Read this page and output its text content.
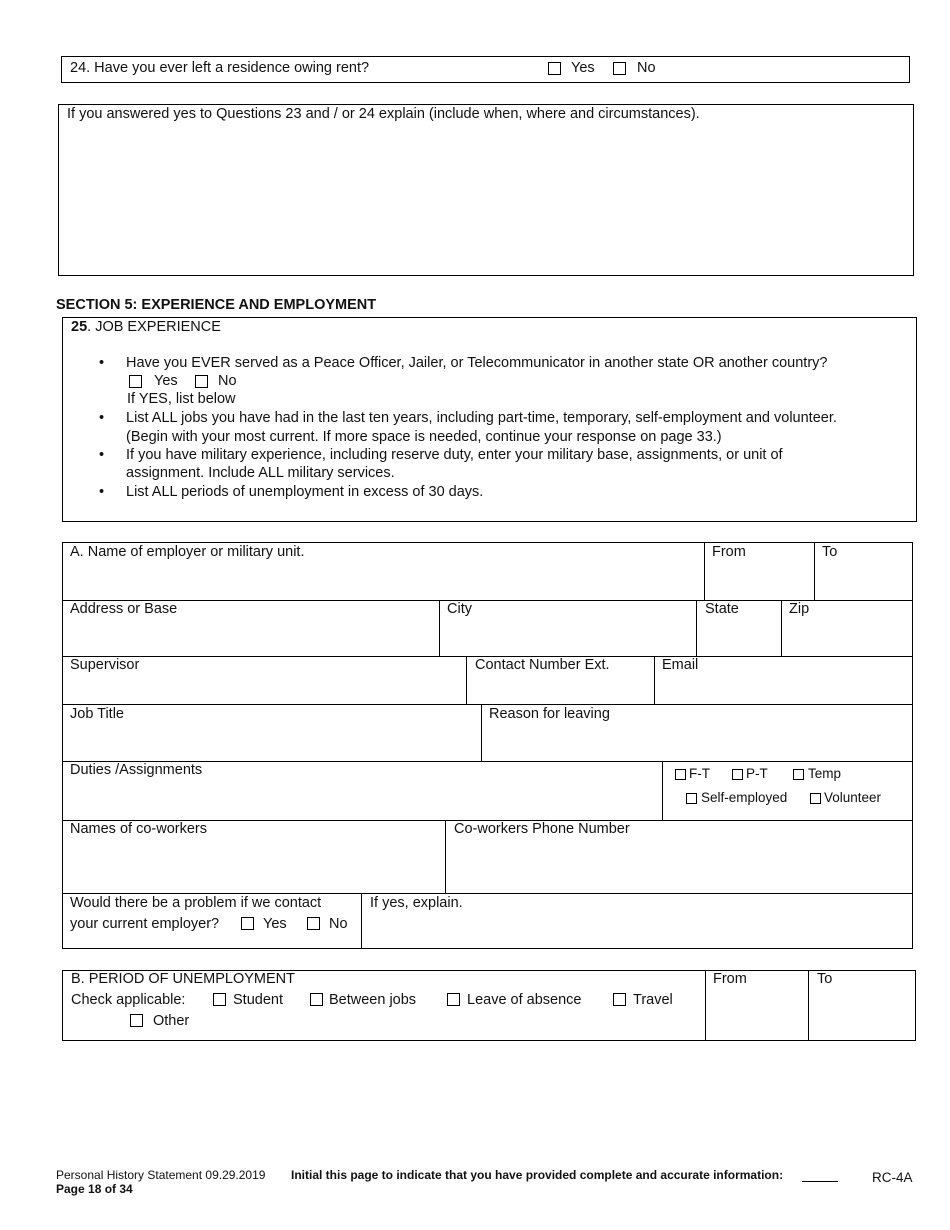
24. Have you ever left a residence owing rent?	Yes	No
If you answered yes to Questions 23 and / or 24 explain (include when, where and circumstances).
SECTION 5: EXPERIENCE AND EMPLOYMENT
25. JOB EXPERIENCE
• Have you EVER served as a Peace Officer, Jailer, or Telecommunicator in another state OR another country?
Yes	No
If YES, list below
• List ALL jobs you have had in the last ten years, including part-time, temporary, self-employment and volunteer.
(Begin with your most current. If more space is needed, continue your response on page 33.)
• If you have military experience, including reserve duty, enter your military base, assignments, or unit of
assignment. Include ALL military services.
• List ALL periods of unemployment in excess of 30 days.
A. Name of employer or military unit.	From	To
Address or Base	City	State	Zip
Supervisor	Contact Number Ext.	Email
Job Title	Reason for leaving
Duties /Assignments	F-T	P-T	Temp
Self-employed	Volunteer
Names of co-workers	Co-workers Phone Number
Would there be a problem if we contact
your current employer?	Yes	No
If yes, explain.
B. PERIOD OF UNEMPLOYMENT	From	To
Check applicable:	Student	Between jobs	Leave of absence	Travel
Other
Personal History Statement 09.29.2019
Page 18 of 34
Initial this page to indicate that you have provided complete and accurate information:	RC-4A
